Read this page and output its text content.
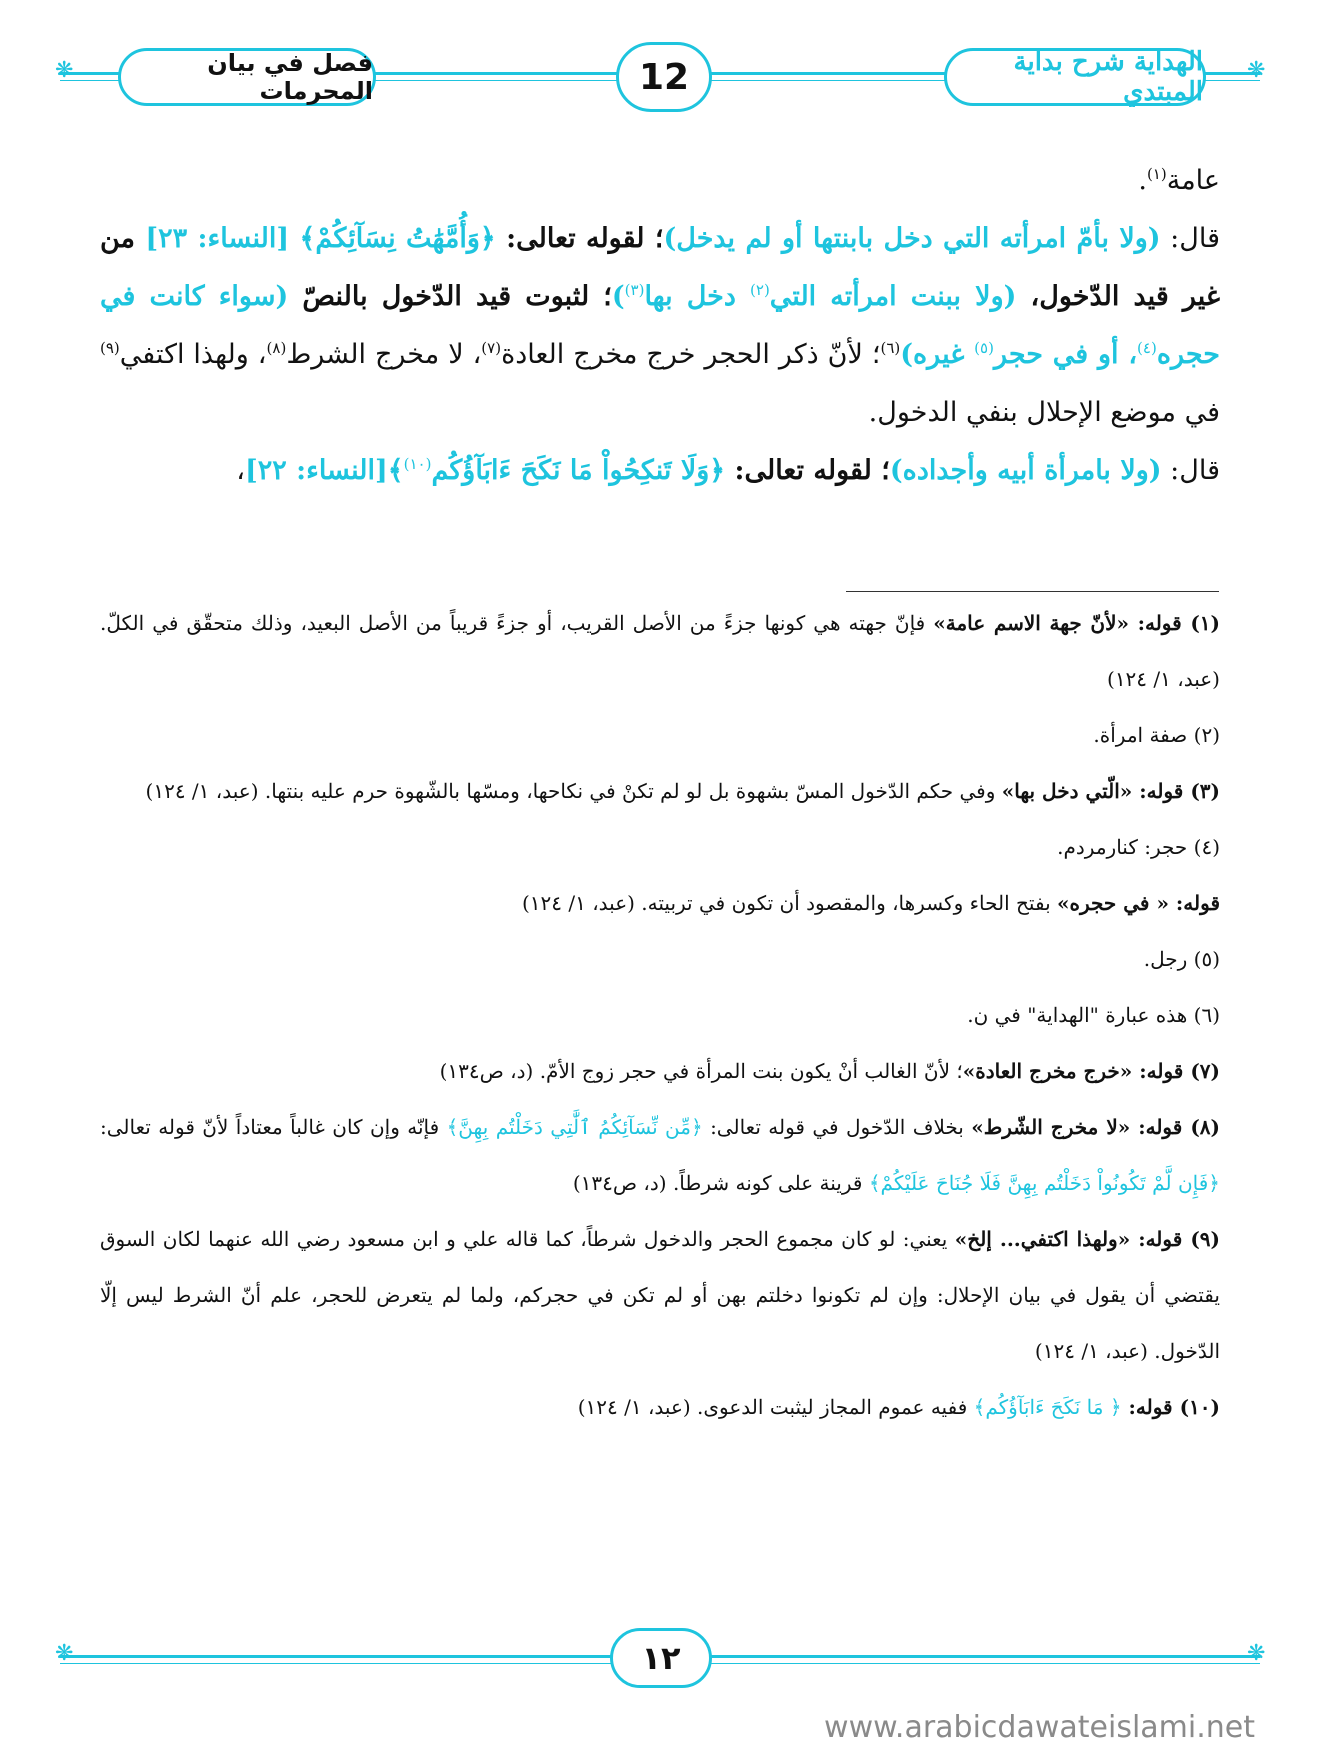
❋	❋
فصل في بيان المحرمات	12	الهداية شرح بداية المبتدي

عامة$^{(١)}$.

قال: (ولا بأمّ امرأته التي دخل بابنتها أو لم يدخل)؛ لقوله تعالى: ﴿وَأُمَّهَٰتُ نِسَآئِكُمْ﴾ [النساء: ٢٣] من غير قيد الدّخول، (ولا ببنت امرأته التي$^{(٢)}$ دخل بها$^{(٣)}$)؛ لثبوت قيد الدّخول بالنصّ (سواء كانت في حجره$^{(٤)}$، أو في حجر$^{(٥)}$ غيره)$^{(٦)}$؛ لأنّ ذكر الحجر خرج مخرج العادة$^{(٧)}$، لا مخرج الشرط$^{(٨)}$، ولهذا اكتفي$^{(٩)}$ في موضع الإحلال بنفي الدخول.

قال: (ولا بامرأة أبيه وأجداده)؛ لقوله تعالى: ﴿وَلَا تَنكِحُواْ مَا نَكَحَ ءَابَآؤُكُم$^{(١٠)}$﴾[النساء: ٢٢]،

(١) قوله: «لأنّ جهة الاسم عامة» فإنّ جهته هي كونها جزءً من الأصل القريب، أو جزءً قريباً من الأصل البعيد، وذلك متحقّق في الكلّ. (عبد، ١/ ١٢٤)

(٢) صفة امرأة.

(٣) قوله: «الّتي دخل بها» وفي حكم الدّخول المسّ بشهوة بل لو لم تكنْ في نكاحها، ومسّها بالشّهوة حرم عليه بنتها. (عبد، ١/ ١٢٤)

(٤) حجر: كنارمردم.

قوله: « في حجره» بفتح الحاء وكسرها، والمقصود أن تكون في تربيته. (عبد، ١/ ١٢٤)

(٥) رجل.

(٦) هذه عبارة "الهداية" في ن.

(٧) قوله: «خرج مخرج العادة»؛ لأنّ الغالب أنْ يكون بنت المرأة في حجر زوج الأمّ. (د، ص١٣٤)

(٨) قوله: «لا مخرج الشّرط» بخلاف الدّخول في قوله تعالى: ﴿مِّن نِّسَآئِكُمُ ٱلَّٰتِي دَخَلْتُم بِهِنَّ﴾ فإنّه وإن كان غالباً معتاداً لأنّ قوله تعالى: ﴿فَإِن لَّمْ تَكُونُواْ دَخَلْتُم بِهِنَّ فَلَا جُنَاحَ عَلَيْكُمْ﴾ قرينة على كونه شرطاً. (د، ص١٣٤)

(٩) قوله: «ولهذا اكتفي... إلخ» يعني: لو كان مجموع الحجر والدخول شرطاً، كما قاله علي و ابن مسعود رضي الله عنهما لكان السوق يقتضي أن يقول في بيان الإحلال: وإن لم تكونوا دخلتم بهن أو لم تكن في حجركم، ولما لم يتعرض للحجر، علم أنّ الشرط ليس إلّا الدّخول. (عبد، ١/ ١٢٤)

(١٠) قوله: ﴿ مَا نَكَحَ ءَابَآؤُكُم﴾ ففيه عموم المجاز ليثبت الدعوى. (عبد، ١/ ١٢٤)

❋	❋
١٢
www.arabicdawateislami.net
